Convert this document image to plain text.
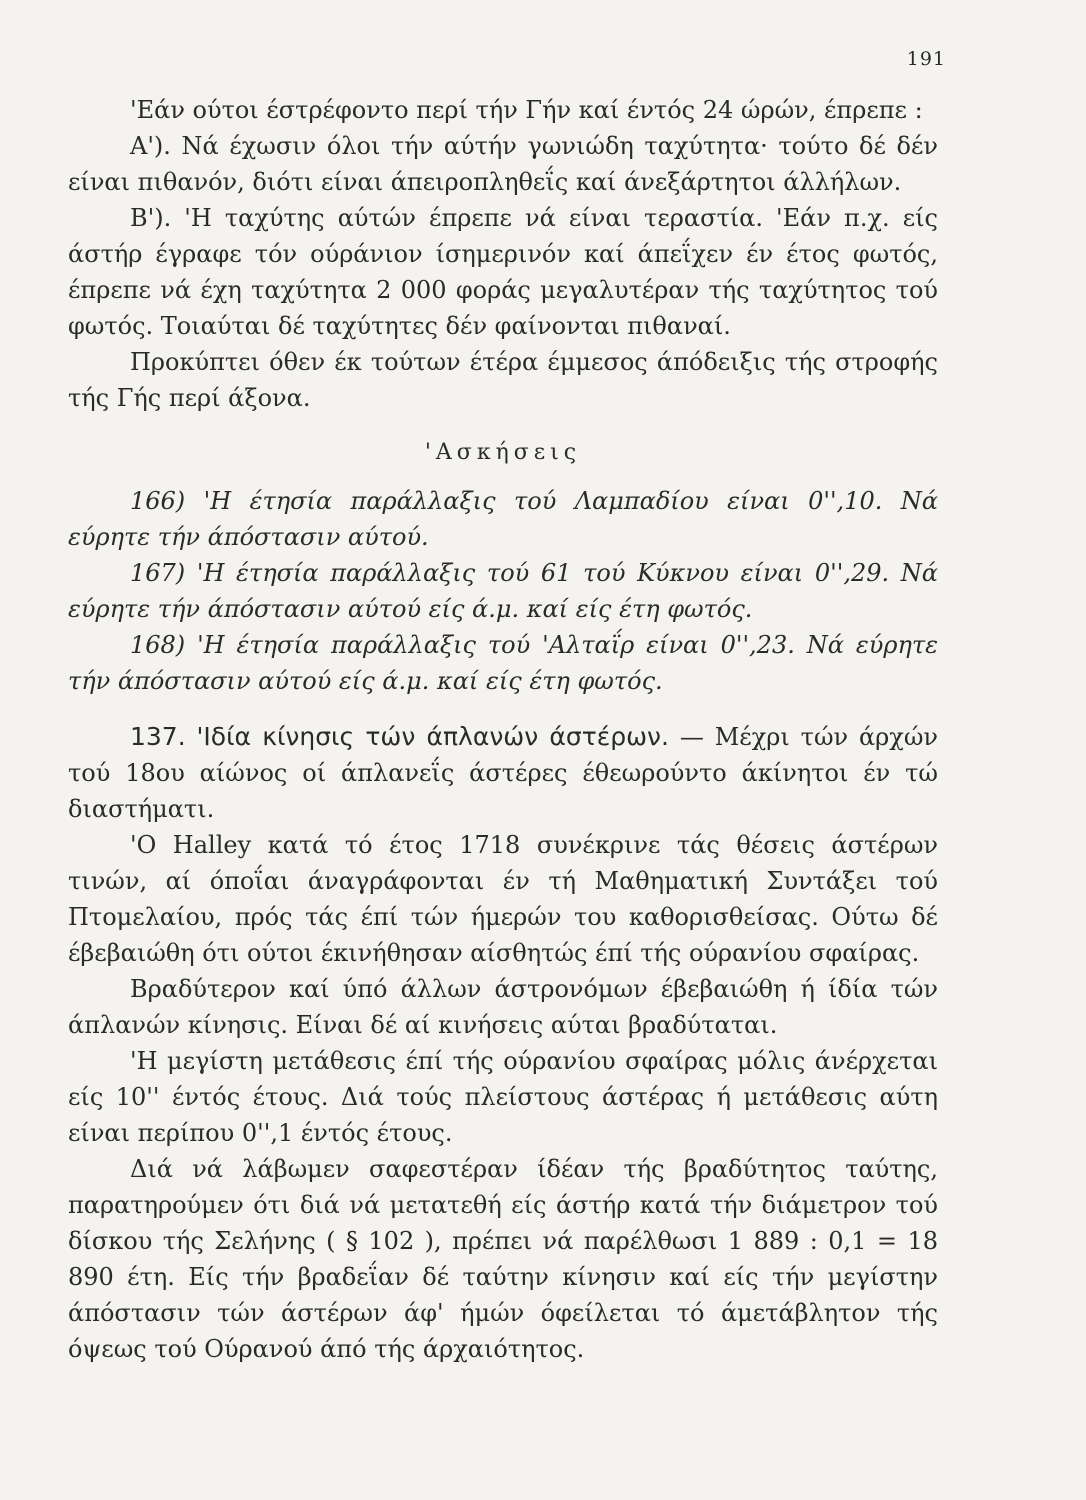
191

'Εάν ούτοι έστρέφοντο περί τήν Γήν καί έντός 24 ώρών, έπρεπε :

Α'). Νά έχωσιν όλοι τήν αύτήν γωνιώδη ταχύτητα· τούτο δέ δέν είναι πιθανόν, διότι είναι άπειροπληθεΐς καί άνεξάρτητοι άλλήλων.

Β'). 'Η ταχύτης αύτών έπρεπε νά είναι τεραστία. 'Εάν π.χ. είς άστήρ έγραφε τόν ούράνιον ίσημερινόν καί άπεΐχεν έν έτος φωτός, έπρεπε νά έχη ταχύτητα 2 000 φοράς μεγαλυτέραν τής ταχύτητος τού φωτός. Τοιαύται δέ ταχύτητες δέν φαίνονται πιθαναί.

Προκύπτει όθεν έκ τούτων έτέρα έμμεσος άπόδειξις τής στροφής τής Γής περί άξονα.

'Ασκήσεις

166) 'Η έτησία παράλλαξις τού Λαμπαδίου είναι 0'',10. Νά εύρητε τήν άπόστασιν αύτού.

167) 'Η έτησία παράλλαξις τού 61 τού Κύκνου είναι 0'',29. Νά εύρητε τήν άπόστασιν αύτού είς ά.μ. καί είς έτη φωτός.

168) 'Η έτησία παράλλαξις τού 'Αλταΐρ είναι 0'',23. Νά εύρητε τήν άπόστασιν αύτού είς ά.μ. καί είς έτη φωτός.

137. 'Ιδία κίνησις τών άπλανών άστέρων. — Μέχρι τών άρχών τού 18ου αίώνος οί άπλανεΐς άστέρες έθεωρούντο άκίνητοι έν τώ διαστήματι.

'Ο Halley κατά τό έτος 1718 συνέκρινε τάς θέσεις άστέρων τινών, αί όποΐαι άναγράφονται έν τή Μαθηματική Συντάξει τού Πτομελαίου, πρός τάς έπί τών ήμερών του καθορισθείσας. Ούτω δέ έβεβαιώθη ότι ούτοι έκινήθησαν αίσθητώς έπί τής ούρανίου σφαίρας.

Βραδύτερον καί ύπό άλλων άστρονόμων έβεβαιώθη ή ίδία τών άπλανών κίνησις. Είναι δέ αί κινήσεις αύται βραδύταται.

'Η μεγίστη μετάθεσις έπί τής ούρανίου σφαίρας μόλις άνέρχεται είς 10'' έντός έτους. Διά τούς πλείστους άστέρας ή μετάθεσις αύτη είναι περίπου 0'',1 έντός έτους.

Διά νά λάβωμεν σαφεστέραν ίδέαν τής βραδύτητος ταύτης, παρατηρούμεν ότι διά νά μετατεθή είς άστήρ κατά τήν διάμετρον τού δίσκου τής Σελήνης ( § 102 ), πρέπει νά παρέλθωσι 1 889 : 0,1 = 18 890 έτη. Είς τήν βραδεΐαν δέ ταύτην κίνησιν καί είς τήν μεγίστην άπόστασιν τών άστέρων άφ' ήμών όφείλεται τό άμετάβλητον τής όψεως τού Ούρανού άπό τής άρχαιότητος.
